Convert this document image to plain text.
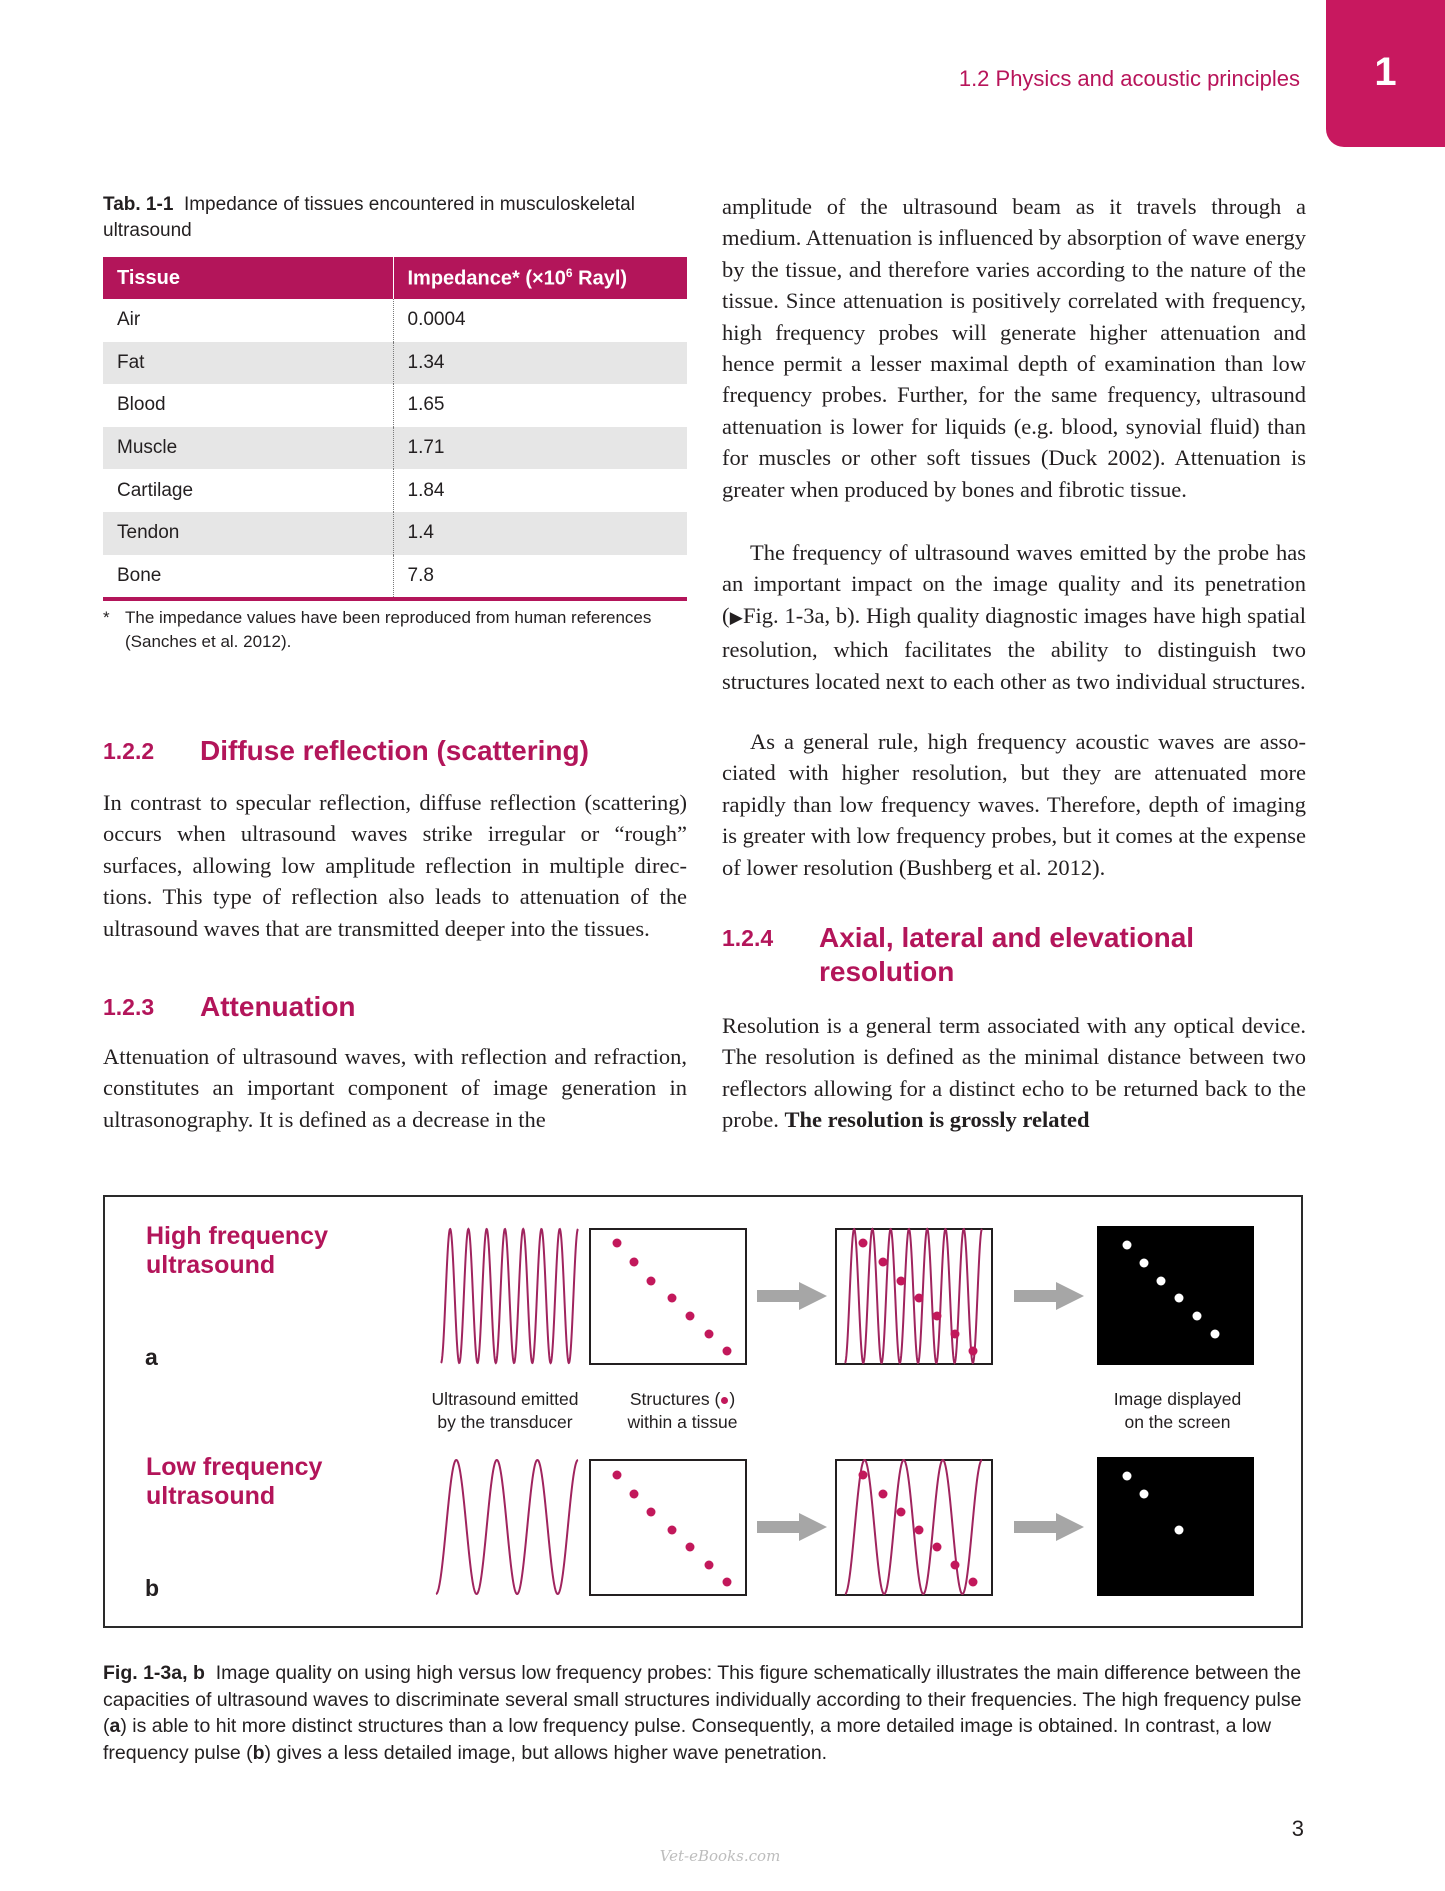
1.2 Physics and acoustic principles	1
Tab. 1-1 Impedance of tissues encountered in musculoskeletal ultrasound
Tissue	Impedance* ($\times 10^6$ Rayl)
Air	0.0004
Fat	1.34
Blood	1.65
Muscle	1.71
Cartilage	1.84
Tendon	1.4
Bone	7.8
* The impedance values have been reproduced from human references (Sanches et al. 2012).
1.2.2	Diffuse reflection (scattering)

In contrast to specular reflection, diffuse reflection (scattering) occurs when ultrasound waves strike irregular or “rough” surfaces, allowing low amplitude reflection in multiple directions. This type of reflection also leads to attenuation of the ultrasound waves that are transmitted deeper into the tissues.

1.2.3	Attenuation

Attenuation of ultrasound waves, with reflection and refraction, constitutes an important component of image generation in ultrasonography. It is defined as a decrease in the

amplitude of the ultrasound beam as it travels through a medium. Attenuation is influenced by absorption of wave energy by the tissue, and therefore varies according to the nature of the tissue. Since attenuation is positively correlated with frequency, high frequency probes will generate higher attenuation and hence permit a lesser maximal depth of examination than low frequency probes. Further, for the same frequency, ultrasound attenuation is lower for liquids (e.g. blood, synovial fluid) than for muscles or other soft tissues (Duck 2002). Attenuation is greater when produced by bones and fibrotic tissue.

The frequency of ultrasound waves emitted by the probe has an important impact on the image quality and its penetration (▶Fig. 1-3a, b). High quality diagnostic images have high spatial resolution, which facilitates the ability to distinguish two structures located next to each other as two individual structures.

As a general rule, high frequency acoustic waves are associated with higher resolution, but they are attenuated more rapidly than low frequency waves. Therefore, depth of imaging is greater with low frequency probes, but it comes at the expense of lower resolution (Bushberg et al. 2012).

1.2.4	Axial, lateral and elevational resolution

Resolution is a general term associated with any optical device. The resolution is defined as the minimal distance between two reflectors allowing for a distinct echo to be returned back to the probe. The resolution is grossly related

High frequency ultrasound
a
Low frequency ultrasound
b
Ultrasound emitted by the transducer
Structures ( ) within a tissue
Image displayed on the screen

Fig. 1-3a, b Image quality on using high versus low frequency probes: This figure schematically illustrates the main difference between the capacities of ultrasound waves to discriminate several small structures individually according to their frequencies. The high frequency pulse (a) is able to hit more distinct structures than a low frequency pulse. Consequently, a more detailed image is obtained. In contrast, a low frequency pulse (b) gives a less detailed image, but allows higher wave penetration.

3
Vet-eBooks.com
